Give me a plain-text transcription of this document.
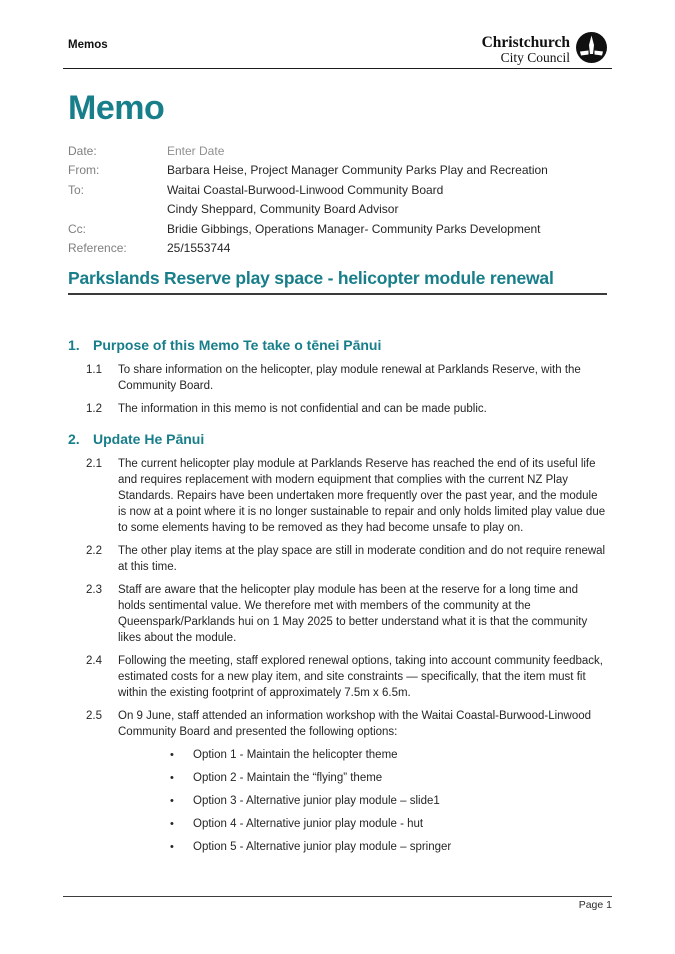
Memos	Christchurch
City Council
Memo
Date:	Enter Date
From:	Barbara Heise, Project Manager Community Parks Play and Recreation
To:	Waitai Coastal-Burwood-Linwood Community Board
Cindy Sheppard, Community Board Advisor
Cc:	Bridie Gibbings, Operations Manager- Community Parks Development
Reference:	25/1553744
Parkslands Reserve play space - helicopter module renewal
1. Purpose of this Memo Te take o tēnei Pānui
1.1	To share information on the helicopter, play module renewal at Parklands Reserve, with the Community Board.
1.2	The information in this memo is not confidential and can be made public.
2. Update He Pānui
2.1	The current helicopter play module at Parklands Reserve has reached the end of its useful life and requires replacement with modern equipment that complies with the current NZ Play Standards. Repairs have been undertaken more frequently over the past year, and the module is now at a point where it is no longer sustainable to repair and only holds limited play value due to some elements having to be removed as they had become unsafe to play on.
2.2	The other play items at the play space are still in moderate condition and do not require renewal at this time.
2.3	Staff are aware that the helicopter play module has been at the reserve for a long time and holds sentimental value. We therefore met with members of the community at the Queenspark/Parklands hui on 1 May 2025 to better understand what it is that the community likes about the module.
2.4	Following the meeting, staff explored renewal options, taking into account community feedback, estimated costs for a new play item, and site constraints — specifically, that the item must fit within the existing footprint of approximately 7.5m x 6.5m.
2.5	On 9 June, staff attended an information workshop with the Waitai Coastal-Burwood-Linwood Community Board and presented the following options:
•	Option 1 - Maintain the helicopter theme
•	Option 2 - Maintain the “flying” theme
•	Option 3 - Alternative junior play module – slide1
•	Option 4 - Alternative junior play module - hut
•	Option 5 - Alternative junior play module – springer
Page 1
